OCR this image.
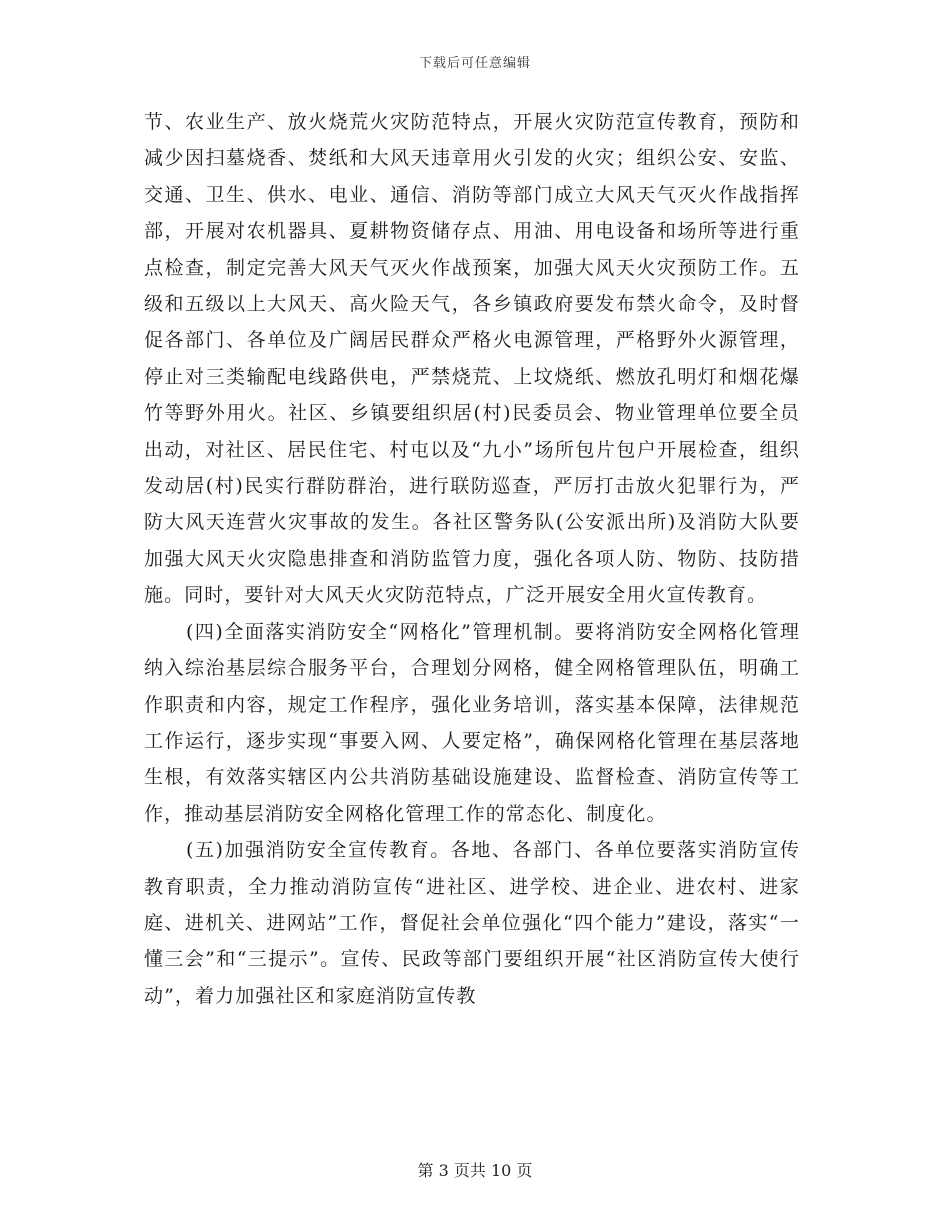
下载后可任意编辑

节、农业生产、放火烧荒火灾防范特点，开展火灾防范宣传教育，预防和减少因扫墓烧香、焚纸和大风天违章用火引发的火灾；组织公安、安监、交通、卫生、供水、电业、通信、消防等部门成立大风天气灭火作战指挥部，开展对农机器具、夏耕物资储存点、用油、用电设备和场所等进行重点检查，制定完善大风天气灭火作战预案，加强大风天火灾预防工作。五级和五级以上大风天、高火险天气，各乡镇政府要发布禁火命令，及时督促各部门、各单位及广阔居民群众严格火电源管理，严格野外火源管理，停止对三类输配电线路供电，严禁烧荒、上坟烧纸、燃放孔明灯和烟花爆竹等野外用火。社区、乡镇要组织居(村)民委员会、物业管理单位要全员出动，对社区、居民住宅、村屯以及“九小”场所包片包户开展检查，组织发动居(村)民实行群防群治，进行联防巡查，严厉打击放火犯罪行为，严防大风天连营火灾事故的发生。各社区警务队(公安派出所)及消防大队要加强大风天火灾隐患排查和消防监管力度，强化各项人防、物防、技防措施。同时，要针对大风天火灾防范特点，广泛开展安全用火宣传教育。

(四)全面落实消防安全“网格化”管理机制。要将消防安全网格化管理纳入综治基层综合服务平台，合理划分网格，健全网格管理队伍，明确工作职责和内容，规定工作程序，强化业务培训，落实基本保障，法律规范工作运行，逐步实现“事要入网、人要定格”，确保网格化管理在基层落地生根，有效落实辖区内公共消防基础设施建设、监督检查、消防宣传等工作，推动基层消防安全网格化管理工作的常态化、制度化。

(五)加强消防安全宣传教育。各地、各部门、各单位要落实消防宣传教育职责，全力推动消防宣传“进社区、进学校、进企业、进农村、进家庭、进机关、进网站”工作，督促社会单位强化“四个能力”建设，落实“一懂三会”和“三提示”。宣传、民政等部门要组织开展“社区消防宣传大使行动”，着力加强社区和家庭消防宣传教

第 3 页共 10 页
